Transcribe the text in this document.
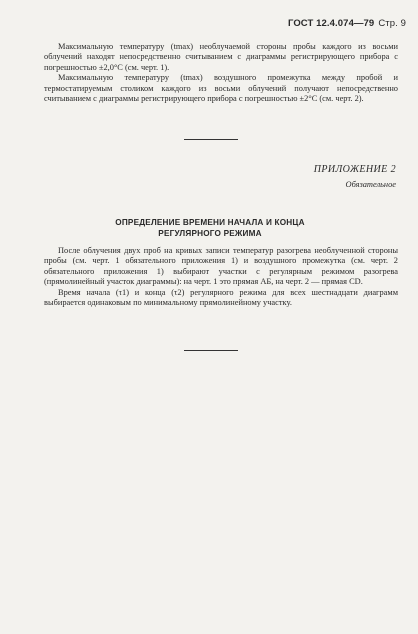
ГОСТ 12.4.074—79 Стр. 9

Максимальную температуру (tmax) необлучаемой стороны пробы каждого из восьми облучений находят непосредственно считыванием с диаграммы регистрирующего прибора с погрешностью ±2,0°С (см. черт. 1).

Максимальную температуру (tmax) воздушного промежутка между пробой и термостатируемым столиком каждого из восьми облучений получают непосредственно считыванием с диаграммы регистрирующего прибора с погрешностью ±2°С (см. черт. 2).

ПРИЛОЖЕНИЕ 2
Обязательное
ОПРЕДЕЛЕНИЕ ВРЕМЕНИ НАЧАЛА И КОНЦА
РЕГУЛЯРНОГО РЕЖИМА

После облучения двух проб на кривых записи температур разогрева необлученной стороны пробы (см. черт. 1 обязательного приложения 1) и воздушного промежутка (см. черт. 2 обязательного приложения 1) выбирают участки с регулярным режимом разогрева (прямолинейный участок диаграммы): на черт. 1 это прямая АБ, на черт. 2 — прямая CD.

Время начала (τ1) и конца (τ2) регулярного режима для всех шестнадцати диаграмм выбирается одинаковым по минимальному прямолинейному участку.
